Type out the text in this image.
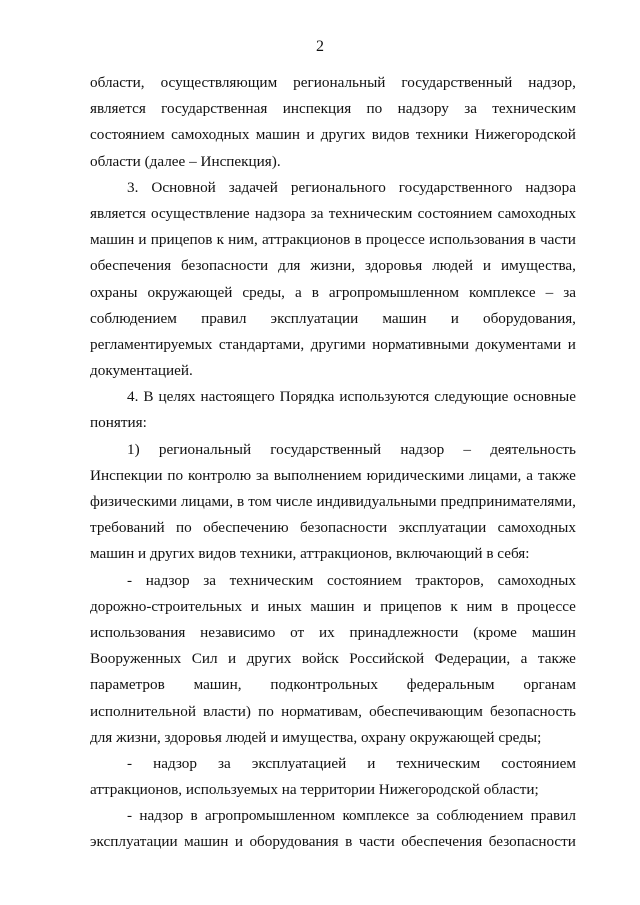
2
области, осуществляющим региональный государственный надзор,
является государственная инспекция по надзору за техническим
состоянием самоходных машин и других видов техники Нижегородской
области (далее – Инспекция).
3. Основной задачей регионального государственного надзора
является осуществление надзора за техническим состоянием самоходных
машин и прицепов к ним, аттракционов в процессе использования в части
обеспечения безопасности для жизни, здоровья людей и имущества,
охраны окружающей среды, а в агропромышленном комплексе – за
соблюдением правил эксплуатации машин и оборудования,
регламентируемых стандартами, другими нормативными документами и
документацией.
4. В целях настоящего Порядка используются следующие основные
понятия:
1) региональный государственный надзор – деятельность
Инспекции по контролю за выполнением юридическими лицами, а также
физическими лицами, в том числе индивидуальными предпринимателями,
требований по обеспечению безопасности эксплуатации самоходных
машин и других видов техники, аттракционов, включающий в себя:
- надзор за техническим состоянием тракторов, самоходных
дорожно-строительных и иных машин и прицепов к ним в процессе
использования независимо от их принадлежности (кроме машин
Вооруженных Сил и других войск Российской Федерации, а также
параметров машин, подконтрольных федеральным органам
исполнительной власти) по нормативам, обеспечивающим безопасность
для жизни, здоровья людей и имущества, охрану окружающей среды;
- надзор за эксплуатацией и техническим состоянием
аттракционов, используемых на территории Нижегородской области;
- надзор в агропромышленном комплексе за соблюдением правил
эксплуатации машин и оборудования в части обеспечения безопасности
